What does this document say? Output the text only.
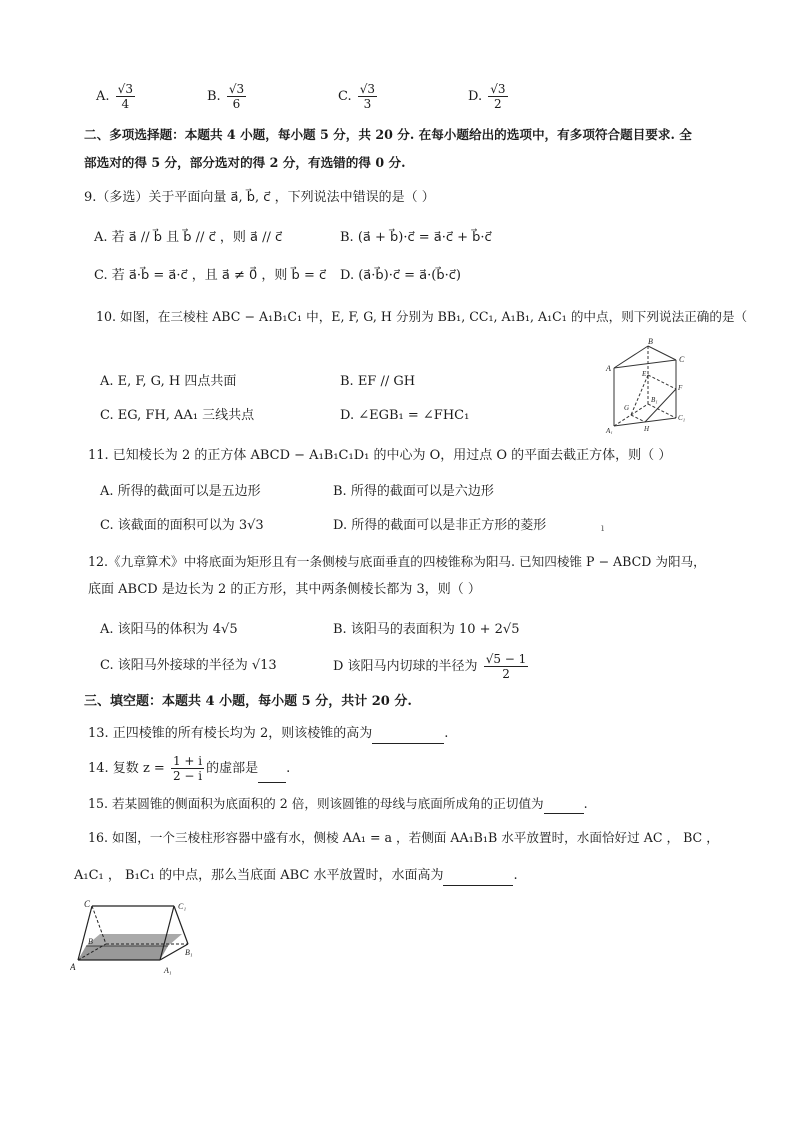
A. $\frac{√3}{4}$	B. $\frac{√3}{6}$	C. $\frac{√3}{3}$	D. $\frac{√3}{2}$
二、多项选择题：本题共 4 小题，每小题 5 分，共 20 分. 在每小题给出的选项中，有多项符合题目要求. 全
部选对的得 5 分，部分选对的得 2 分，有选错的得 0 分.
9.（多选）关于平面向量 a⃗, b⃗, c⃗ ，下列说法中错误的是（ ）
A. 若 a⃗ // b⃗ 且 b⃗ // c⃗ ，则 a⃗ // c⃗	B. (a⃗ + b⃗)·c⃗ = a⃗·c⃗ + b⃗·c⃗
C. 若 a⃗·b⃗ = a⃗·c⃗ ，且 a⃗ ≠ 0⃗ ，则 b⃗ = c⃗ D. (a⃗·b⃗)·c⃗ = a⃗·(b⃗·c⃗)
10. 如图，在三棱柱 ABC − A₁B₁C₁ 中，E, F, G, H 分别为 BB₁, CC₁, A₁B₁, A₁C₁ 的中点，则下列说法正确的是（
A. E, F, G, H 四点共面	B. EF // GH
C. EG, FH, AA₁ 三线共点	D. ∠EGB₁ = ∠FHC₁
B
C
A
E
F
G
B₁
C₁
H
A₁
11. 已知棱长为 2 的正方体 ABCD − A₁B₁C₁D₁ 的中心为 O，用过点 O 的平面去截正方体，则（ ）
A. 所得的截面可以是五边形	B. 所得的截面可以是六边形
C. 该截面的面积可以为 3√3	D. 所得的截面可以是非正方形的菱形	ı
12.《九章算术》中将底面为矩形且有一条侧棱与底面垂直的四棱锥称为阳马. 已知四棱锥 P − ABCD 为阳马，
底面 ABCD 是边长为 2 的正方形，其中两条侧棱长都为 3，则（ ）
A. 该阳马的体积为 4√5	B. 该阳马的表面积为 10 + 2√5
C. 该阳马外接球的半径为 √13	D 该阳马内切球的半径为 $\frac{√5 - 1}{2}$
三、填空题：本题共 4 小题，每小题 5 分，共计 20 分.
13. 正四棱锥的所有棱长均为 2，则该棱锥的高为	.
14. 复数 $z = \frac{1 + i}{2 - i}$ 的虚部是 .
15. 若某圆锥的侧面积为底面积的 2 倍，则该圆锥的母线与底面所成角的正切值为	.
16. 如图，一个三棱柱形容器中盛有水，侧棱 AA₁ = a ，若侧面 AA₁B₁B 水平放置时，水面恰好过 AC ， BC ，
A₁C₁ ， B₁C₁ 的中点，那么当底面 ABC 水平放置时，水面高为	.
C	C₁
B
B₁
A	A₁
